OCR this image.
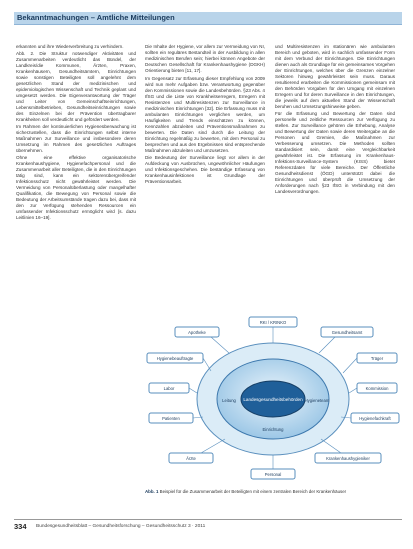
Bekanntmachungen – Amtliche Mitteilungen

erkannten und ihre Wiederverbreitung zu verhindern.

Abb. 2. Die Struktur notwendiger Aktivitäten und Zusammenarbeiten verdeutlicht das Bündel, der Landkreis/die Kommunen, Ärzten, Praxen, Krankenhäusern, Gesundheitsämtern, Einrichtungen sowie sonstigen Beteiligten soll angelehnt dem gesetzlichen Stand der medizinischen und epidemiologischen Wissenschaft und Technik geplant und umgesetzt werden. Die Eigenverantwortung der Träger und Leiter von Gemeinschaftseinrichtungen, Lebensmittelbetrieben, Gesundheitseinrichtungen sowie des Einzelnen bei der Prävention übertragbarer Krankheiten soll verdeutlicht und gefördert werden.

Im Rahmen der kontinuierlichen Hygieneüberwachung ist sicherzustellen, dass die Einrichtungen selbst interne Maßnahmen zur Surveillance und insbesondere deren Umsetzung im Rahmen des gesetzlichen Auftrages übernehmen.

Ohne eine effektive organisatorische Krankenhaushygiene, Hygienefachpersonal und die Zusammenarbeit aller Beteiligten, die in den Einrichtungen tätig sind, kann ein sektorenübergreifender Infektionsschutz nicht gewährleistet werden. Die Vermeidung von Personalüberlastung oder mangelhafter Qualifikation, die Bewegung von Personal sowie die Bedeutung der Arbeitsumstände tragen dazu bei, dass mit den zur Verfügung stehenden Ressourcen ein umfassender Infektionsschutz ermöglicht wird [s. dazu Leitlinien 16–19].

Die Inhalte der Hygiene, vor allem zur Vermeidung von NI, sollten ein reguläres Bestandteil in der Ausbildung in allen medizinischen Berufen sein; hierbei können Angebote der Deutschen Gesellschaft für Krankenhaushygiene (DGKH) Orientierung bieten [11, 17].

Im Gegensatz zur Erfassung dieser Empfehlung von 2009 wird nun mehr Aufgaben bzw. Verantwortung gegenüber den Kommissionen sowie die Landesbehörden. §23 Abs. 4 IfSG und die Liste von Krankheitserregern, Erregern mit Resistenzen und Multiresistenzen zur Surveillance in medizinischen Einrichtungen [32]. Die Erfassung muss mit ambulanten Einrichtungen verglichen werden, um Häufigkeiten und Trends einschätzen zu können, Kennzahlen abzuleiten und Präventionsmaßnahmen zu bewerten. Die Daten sind durch die Leitung der Einrichtung regelmäßig zu bewerten, mit dem Personal zu besprechen und aus den Ergebnissen sind entsprechende Maßnahmen abzuleiten und umzusetzen.

Die Bedeutung der Surveillance liegt vor allem in der Aufdeckung von Ausbrüchen, ungewöhnlicher Häufungen und Infektionsgeschehen. Die beständige Erfassung von Krankenhausinfektionen ist Grundlage der Präventionsarbeit.

und Multiresistenzen im stationären wie ambulanten Bereich und geboten, wird in sachlich umfassender Form mit dem Verbund der Einrichtungen. Die Einrichtungen dienen auch als Grundlage für ein gemeinsames Vorgehen der Einrichtungen, welches über die Grenzen einzelner Sektoren hinweg gewährleistet sein muss. Daraus resultierend erarbeiten die Kommissionen gemeinsam mit den Behörden Vorgaben für den Umgang mit einzelnen Erregern und für deren Surveillance in den Einrichtungen, die jeweils auf dem aktuellen Stand der Wissenschaft beruhen und Umsetzungshinweise geben.

Für die Erfassung und Bewertung der Daten sind personelle und zeitliche Ressourcen zur Verfügung zu stellen. Zur Surveillance gehören die Erhebung, Analyse und Bewertung der Daten sowie deren Weitergabe an die Personen und Gremien, die Maßnahmen zur Verbesserung umsetzen. Die Methoden sollten standardisiert sein, damit eine Vergleichbarkeit gewährleistet ist. Die Erfassung im Krankenhaus-Infektions-Surveillance-System (KISS) bietet Referenzdaten für viele Bereiche. Der Öffentliche Gesundheitsdienst (ÖGD) unterstützt dabei die Einrichtungen und überprüft die Umsetzung der Anforderungen nach §23 IfSG in Verbindung mit den Landesverordnungen.

Landesgesundheitsbehörden
Leitung	Hygieneteam
Einrichtung
RKI / KRINKO
Gesundheitsamt
Träger
Kommission
Hygienefachkraft
Krankenhaushygieniker
Personal
Ärzte
Patienten
Labor
Hygienebeauftragte
Apotheke
Abb. 1 Beispiel für die Zusammenarbeit der Beteiligten mit einem zentralen Bereich der Krankenhäuser
334 Bundesgesundheitsblatt – Gesundheitsforschung – Gesundheitsschutz 3 · 2011
